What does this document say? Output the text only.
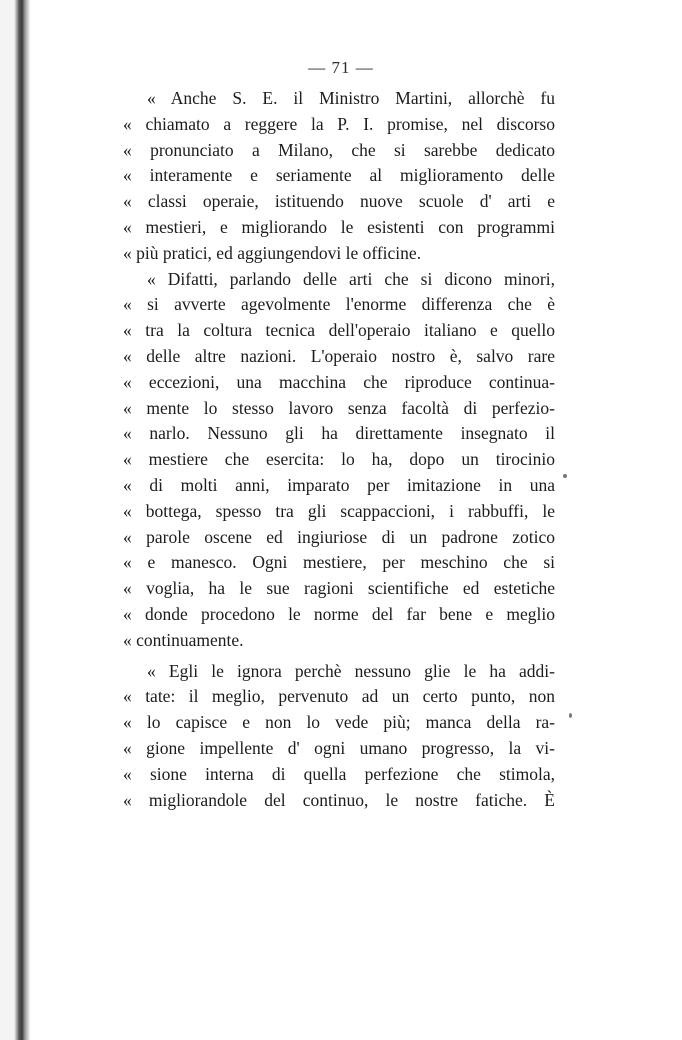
— 71 —
« Anche S. E. il Ministro Martini, allorchè fu
« chiamato a reggere la P. I. promise, nel discorso
« pronunciato a Milano, che si sarebbe dedicato
« interamente e seriamente al miglioramento delle
« classi operaie, istituendo nuove scuole d' arti e
« mestieri, e migliorando le esistenti con programmi
« più pratici, ed aggiungendovi le officine.
« Difatti, parlando delle arti che si dicono minori,
« si avverte agevolmente l'enorme differenza che è
« tra la coltura tecnica dell'operaio italiano e quello
« delle altre nazioni. L'operaio nostro è, salvo rare
« eccezioni, una macchina che riproduce continua-
« mente lo stesso lavoro senza facoltà di perfezio-
« narlo. Nessuno gli ha direttamente insegnato il
« mestiere che esercita: lo ha, dopo un tirocinio
« di molti anni, imparato per imitazione in una
« bottega, spesso tra gli scappaccioni, i rabbuffi, le
« parole oscene ed ingiuriose di un padrone zotico
« e manesco. Ogni mestiere, per meschino che si
« voglia, ha le sue ragioni scientifiche ed estetiche
« donde procedono le norme del far bene e meglio
« continuamente.
« Egli le ignora perchè nessuno glie le ha addi-
« tate: il meglio, pervenuto ad un certo punto, non
« lo capisce e non lo vede più; manca della ra-
« gione impellente d' ogni umano progresso, la vi-
« sione interna di quella perfezione che stimola,
« migliorandole del continuo, le nostre fatiche. È
